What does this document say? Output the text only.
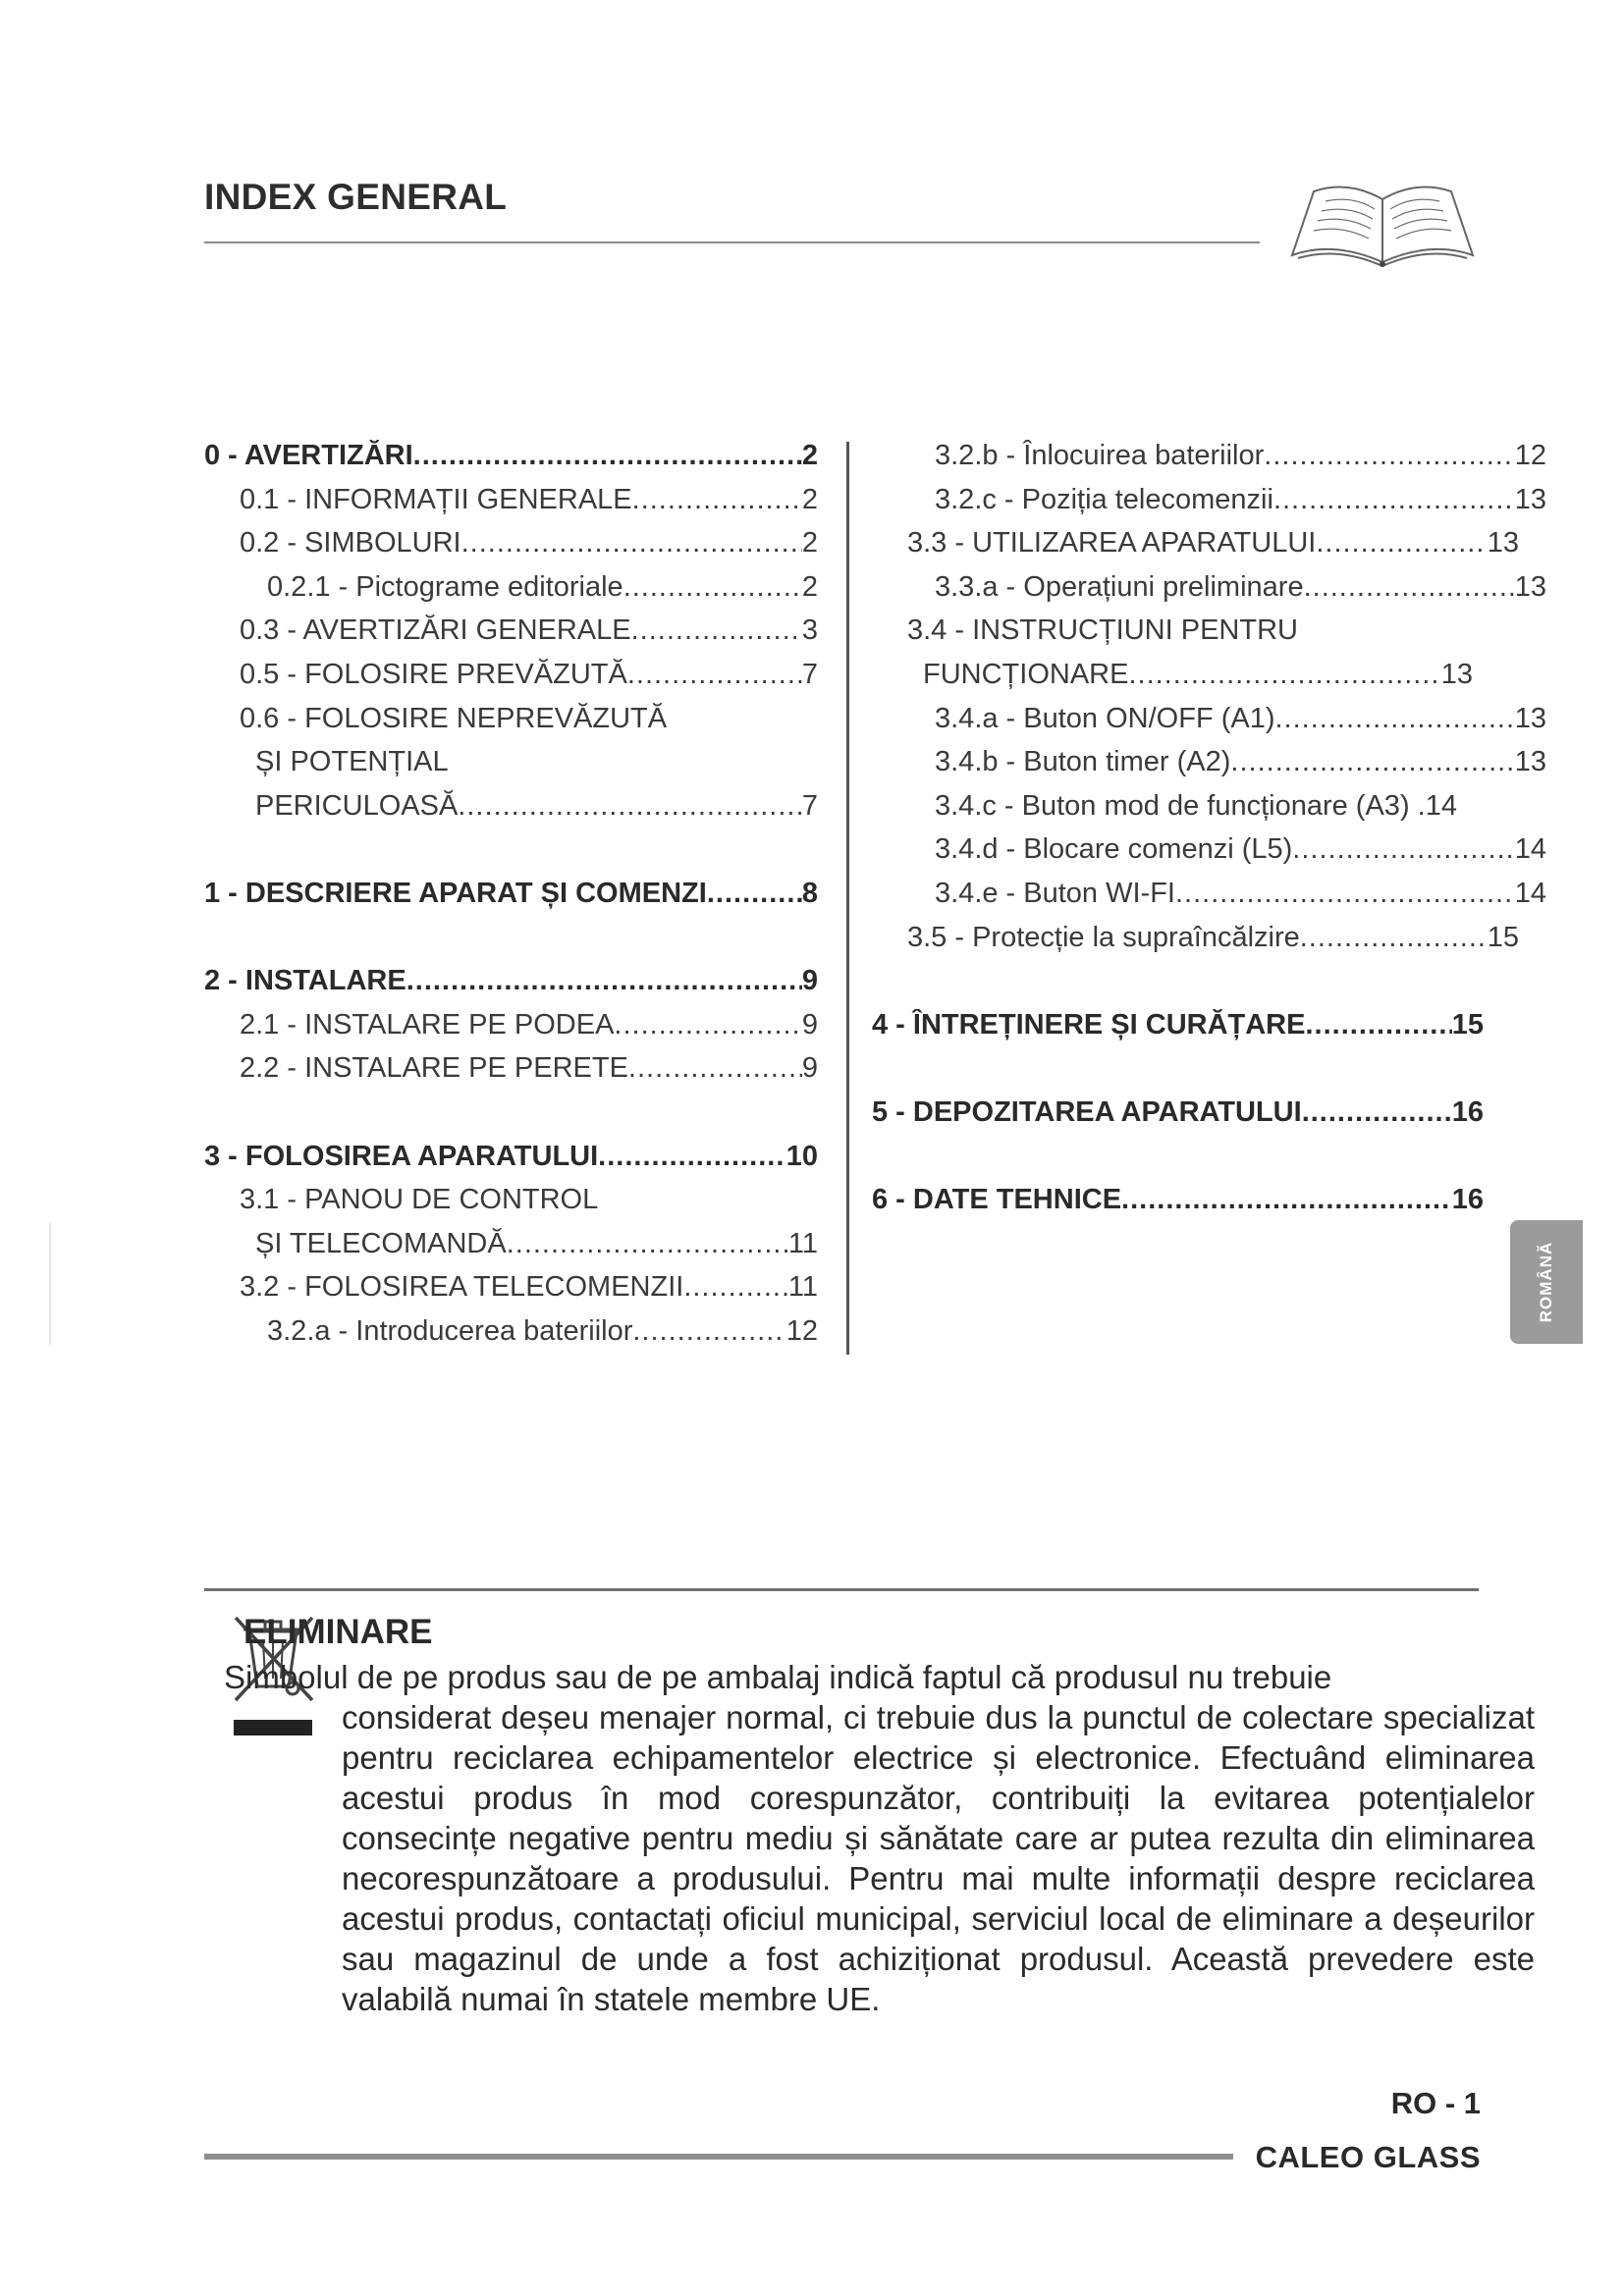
INDEX GENERAL
0 - AVERTIZĂRI .....	2
0.1 - INFORMAȚII GENERALE .....	2
0.2 - SIMBOLURI .....	2
0.2.1 - Pictograme editoriale .....	2
0.3 - AVERTIZĂRI GENERALE .....	3
0.5 - FOLOSIRE PREVĂZUTĂ .....	7
0.6 - FOLOSIRE NEPREVĂZUTĂ
ȘI POTENȚIAL
PERICULOASĂ .....	7
1 - DESCRIERE APARAT ȘI COMENZI .....	8
2 - INSTALARE .....	9
2.1 - INSTALARE PE PODEA .....	9
2.2 - INSTALARE PE PERETE .....	9
3 - FOLOSIREA APARATULUI .....	10
3.1 - PANOU DE CONTROL
ȘI TELECOMANDĂ .....	11
3.2 - FOLOSIREA TELECOMENZII .....	11
3.2.a - Introducerea bateriilor .....	12
3.2.b - Înlocuirea bateriilor .....	12
3.2.c - Poziția telecomenzii .....	13
3.3 - UTILIZAREA APARATULUI .....	13
3.3.a - Operațiuni preliminare .....	13
3.4 - INSTRUCȚIUNI PENTRU
FUNCȚIONARE .....	13
3.4.a - Buton ON/OFF (A1) .....	13
3.4.b - Buton timer (A2) .....	13
3.4.c - Buton mod de funcționare (A3) . 14
3.4.d - Blocare comenzi (L5) .....	14
3.4.e - Buton WI-FI .....	14
3.5 - Protecție la supraîncălzire .....	15
4 - ÎNTREȚINERE ȘI CURĂȚARE .....	15
5 - DEPOZITAREA APARATULUI .....	16
6 - DATE TEHNICE .....	16
ROMÂNĂ
ELIMINARE
Simbolul de pe produs sau de pe ambalaj indică faptul că produsul nu trebuie
considerat deșeu menajer normal, ci trebuie dus la punctul de colectare specializat pentru reciclarea echipamentelor electrice și electronice. Efectuând eliminarea acestui produs în mod corespunzător, contribuiți la evitarea potențialelor consecințe negative pentru mediu și sănătate care ar putea rezulta din eliminarea necorespunzătoare a produsului. Pentru mai multe informații despre reciclarea acestui produs, contactați oficiul municipal, serviciul local de eliminare a deșeurilor sau magazinul de unde a fost achiziționat produsul. Această prevedere este valabilă numai în statele membre UE.
RO - 1
CALEO GLASS
